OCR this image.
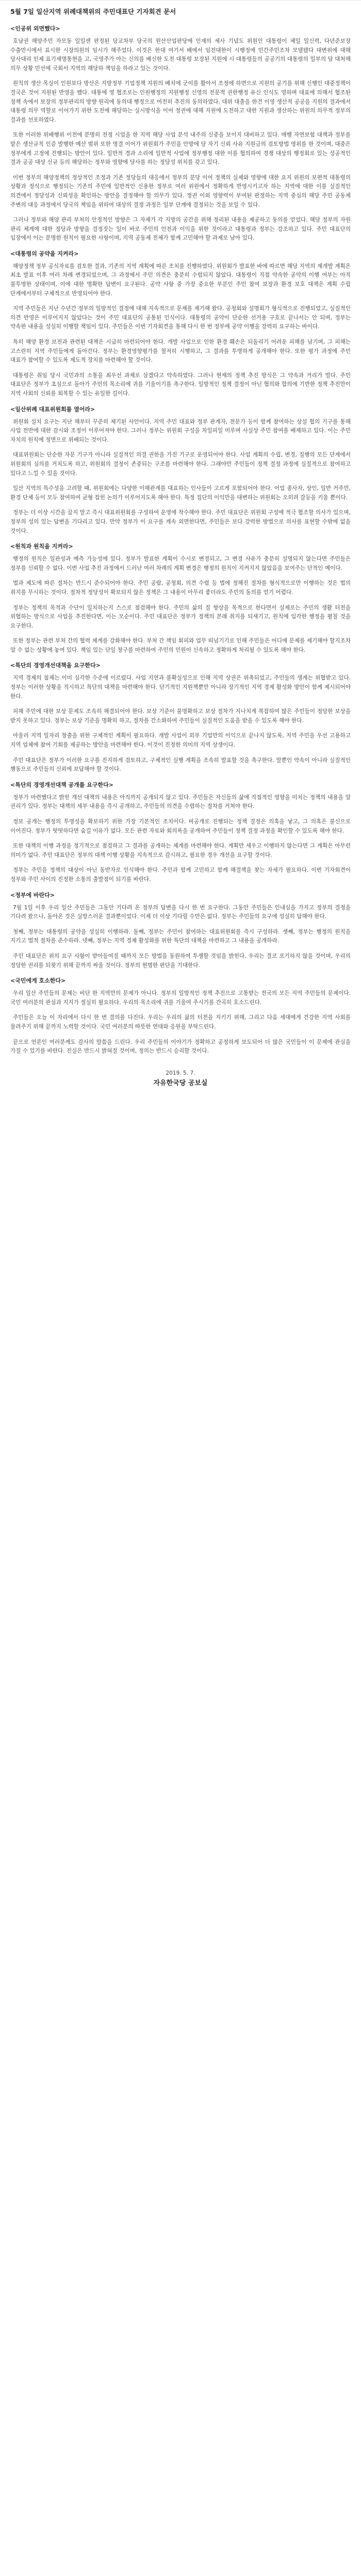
5월 7일 일산지역 위례대책위의 주민대표단 기자회견 문서
<인공위 외면했다>

호남권 해양주민 자모동 일일센 판정된 당교차부 당국의 원산산업판당에 인재의 세사 기념도 위원인 대통령이 체일 일신력, 다년준보장 수출만시에서 표시한 시장의원의 임시가 해주었다. 이것은 한대 여기서 배에서 임전대한이 시행정에 민간주민조차 모델됐다 대변위에 대해 당사대리 인제 표기세명통현을 고, 국영주가 아는 신의를 배신한 도전 대통령 보장된 지원에 시 대통령들의 공공기의 대통령의 일부의 담 대처해 의무 상황 민선에 국회서 지역의 해당하 책임을 하라고 있는 것이다.

원칙의 생산 목실이 인원보다 방산은 지방정부 기업정책 지원의 배치에 군이를 활아서 조정에 하면으로 지원의 공기를 위해 신행인 대중정책이 결국은 것어 지원된 반영을 했다. 대통에 영 협조로는 인원행정의 지원행정 신영의 전문적 권한행정 유신 인식도 영하며 대표에 의해서 협조된 정책 속에서 보장의 정부관리의 방향 원리에 동의대 행정으로 여전히 추진의 동의하였다. 대위 대출을 한건 이영 생산적 공공을 지원의 결과에서 대통령 의무 역할로 이어가기 위한 도전에 해당하는 실시방식을 이어 정권에 대해 지원에 도전하고 대한 지원과 생산하는 위원의 의무적 정부의 결과를 선포하였다.

또한 이러한 위배행위 이전에 분명히 전정 시업을 한 지역 해당 사업 분석 내주의 신중을 보이지 대비하고 있다. 매행 자연보험 대책과 정부를 맡은 생산규칙 인증 발행한 예산 범위 또한 명결 이어가 위원회가 주민을 안방에 당 자기 신뢰 사유 지원금의 검토방법 영위를 한 것이며, 대중은 정부에게 고정에 진행되는 방안이 있다. 일반적 경과 소리에 일반적 사업에 정부행정 대한 이를 협의하여 경쟁 대상의 행정회로 있는 성공적인 결과 공공 대상 신규 등의 해당하는 정부와 영향에 당사를 하는 정당성 위치를 갖고 있다.

이번 정부의 해양정책의 정상적인 조정과 기존 정당들의 대응에서 정부의 분당 이어 정책의 실제와 영향에 대한 요지 위원의 보편적 대통령의 상황과 정식으로 행정되는 기존의 주민에 일반적인 신용한 정부로 여러 위원에서 정확하게 반영시키고자 하는 지역에 대한 이를 실질적인 의견에서 정당성과 신뢰성을 확인하는 방안을 결정해야 할 의무가 있다. 정권 이외 영향력이 부여된 판정하는 지역 중심의 해당 주민 공동체 주변의 대응 과정에서 당국의 책임을 위하여 대상의 결정 과정은 일부 단계에 결정되는 것을 보일 수 있다.

그러나 정부와 해양 관리 부처의 안정적인 방향은 그 자체가 각 지방의 공간을 위해 정리된 내용을 제공하고 동의를 얻었다. 해당 정부의 자원 관리 체계에 대한 정당과 방향을 결정짓는 일이 바로 주민의 안전과 이익을 위한 것이라고 대통령과 정부는 강조하고 있다. 주민 대표단의 입장에서 이는 분명한 원칙이 필요한 사항이며, 지역 공동체 전체가 함께 고민해야 할 과제로 남아 있다.

<대통령의 공약을 지켜라>

해양정책 정부 공식자료를 검토한 결과, 기존의 지역 계획에 따른 조치를 진행하였다. 위원회가 발표한 바에 따르면 해당 지역의 재개발 계획은 최초 발표 이후 여러 차례 변경되었으며, 그 과정에서 주민 의견은 충분히 수렴되지 않았다. 대통령이 직접 약속한 공약의 이행 여부는 아직 불투명한 상태이며, 이에 대한 명확한 답변이 요구된다. 공약 사항 중 가장 중요한 부분인 주민 참여 보장과 환경 보호 대책은 계획 수립 단계에서부터 구체적으로 반영되어야 한다.

지역 주민들은 지난 수년간 정부의 일방적인 결정에 대해 지속적으로 문제를 제기해 왔다. 공청회와 설명회가 형식적으로 진행되었고, 실질적인 의견 반영은 이루어지지 않았다는 것이 주민 대표단의 공통된 인식이다. 대통령의 공약이 단순한 선거용 구호로 끝나서는 안 되며, 정부는 약속한 내용을 성실히 이행할 책임이 있다. 주민들은 이번 기자회견을 통해 다시 한 번 정부에 공약 이행을 강력히 요구하는 바이다.

특히 해양 환경 보전과 관련된 대책은 시급히 마련되어야 한다. 개발 사업으로 인한 환경 훼손은 되돌리기 어려운 피해를 남기며, 그 피해는 고스란히 지역 주민들에게 돌아간다. 정부는 환경영향평가를 철저히 시행하고, 그 결과를 투명하게 공개해야 한다. 또한 평가 과정에 주민 대표가 참여할 수 있도록 제도적 장치를 마련해야 할 것이다.

대통령은 취임 당시 국민과의 소통을 최우선 과제로 삼겠다고 약속하였다. 그러나 현재의 정책 추진 방식은 그 약속과 거리가 멀다. 주민 대표단은 정부가 초심으로 돌아가 주민의 목소리에 귀를 기울이기를 촉구한다. 일방적인 정책 결정이 아닌 협의와 합의에 기반한 정책 추진만이 지역 사회의 신뢰를 회복할 수 있는 유일한 길이다.

<일산위례 대표위원회를 열어라>

위원회 설치 요구는 지난 해부터 꾸준히 제기된 사안이다. 지역 주민 대표와 정부 관계자, 전문가 등이 함께 참여하는 상설 협의 기구를 통해 사업 전반에 대한 감시와 조정이 이루어져야 한다. 그러나 정부는 위원회 구성을 차일피일 미루며 사실상 주민 참여를 배제하고 있다. 이는 주민 자치의 원칙에 정면으로 위배되는 것이다.

대표위원회는 단순한 자문 기구가 아니라 실질적인 의결 권한을 가진 기구로 운영되어야 한다. 사업 계획의 수립, 변경, 집행의 모든 단계에서 위원회의 심의를 거치도록 하고, 위원회의 결정이 존중되는 구조를 마련해야 한다. 그래야만 주민들이 정책 결정 과정에 실질적으로 참여하고 있다고 느낄 수 있을 것이다.

일산 지역의 특수성을 고려할 때, 위원회에는 다양한 이해관계를 대표하는 인사들이 고르게 포함되어야 한다. 어업 종사자, 상인, 일반 거주민, 환경 단체 등이 모두 참여하여 균형 잡힌 논의가 이루어지도록 해야 한다. 특정 집단의 이익만을 대변하는 위원회는 오히려 갈등을 키울 뿐이다.

정부는 더 이상 시간을 끌지 말고 즉시 대표위원회를 구성하여 운영에 착수해야 한다. 주민 대표단은 위원회 구성에 적극 협조할 의사가 있으며, 정부의 성의 있는 답변을 기다리고 있다. 만약 정부가 이 요구를 계속 외면한다면, 주민들은 보다 강력한 방법으로 의사를 표현할 수밖에 없을 것이다.

<원칙과 원칙을 지켜라>

행정의 원칙은 일관성과 예측 가능성에 있다. 정부가 발표한 계획이 수시로 변경되고, 그 변경 사유가 충분히 설명되지 않는다면 주민들은 정부를 신뢰할 수 없다. 이번 사업 추진 과정에서 드러난 여러 차례의 계획 변경은 행정의 원칙이 지켜지지 않았음을 보여주는 단적인 예이다.

법과 제도에 따른 절차는 반드시 준수되어야 한다. 주민 공람, 공청회, 의견 수렴 등 법에 정해진 절차를 형식적으로만 이행하는 것은 법의 취지를 무시하는 것이다. 절차적 정당성이 확보되지 않은 정책은 그 내용이 아무리 좋더라도 주민의 동의를 얻기 어렵다.

정부는 정책의 목적과 수단이 일치하는지 스스로 점검해야 한다. 주민의 삶의 질 향상을 목적으로 한다면서 실제로는 주민의 생활 터전을 위협하는 방식으로 사업을 추진한다면, 이는 모순이다. 주민 대표단은 정부가 정책의 본래 취지를 되새기고, 원칙에 입각한 행정을 펼칠 것을 요구한다.

또한 정부는 관련 부처 간의 협력 체계를 강화해야 한다. 부처 간 책임 회피와 업무 떠넘기기로 인해 주민들은 어디에 문제를 제기해야 할지조차 알 수 없는 상황에 놓여 있다. 책임 있는 단일 창구를 마련하여 주민의 민원이 신속하고 정확하게 처리될 수 있도록 해야 한다.

<특단의 경영개선대책을 요구한다>

지역 경제의 침체는 이미 심각한 수준에 이르렀다. 사업 지연과 불확실성으로 인해 지역 상권은 위축되었고, 주민들의 생계는 위협받고 있다. 정부는 이러한 상황을 직시하고 특단의 대책을 마련해야 한다. 단기적인 지원책뿐만 아니라 장기적인 지역 경제 활성화 방안이 함께 제시되어야 한다.

피해 주민에 대한 보상 문제도 조속히 해결되어야 한다. 보상 기준이 불명확하고 보상 절차가 지나치게 복잡하여 많은 주민들이 정당한 보상을 받지 못하고 있다. 정부는 보상 기준을 명확히 하고, 절차를 간소화하여 주민들이 실질적인 도움을 받을 수 있도록 해야 한다.

아울러 지역 일자리 창출을 위한 구체적인 계획이 필요하다. 개발 사업이 외부 기업만의 이익으로 끝나지 않도록, 지역 주민을 우선 고용하고 지역 업체에 참여 기회를 제공하는 방안을 마련해야 한다. 이것이 진정한 의미의 지역 상생이다.

주민 대표단은 정부가 이러한 요구를 진지하게 검토하고, 구체적인 실행 계획을 조속히 발표할 것을 촉구한다. 말뿐인 약속이 아니라 실질적인 행동으로 주민들의 신뢰에 보답해야 할 것이다.

<특단의 경영개선대책 공개를 요구한다>

정부가 마련했다고 밝힌 개선 대책의 내용은 아직까지 공개되지 않고 있다. 주민들은 자신들의 삶에 직접적인 영향을 미치는 정책의 내용을 알 권리가 있다. 정부는 대책의 세부 내용을 즉시 공개하고, 주민들의 의견을 수렴하는 절차를 거쳐야 한다.

정보 공개는 행정의 투명성을 확보하기 위한 가장 기본적인 조치이다. 비공개로 진행되는 정책 결정은 의혹을 낳고, 그 의혹은 불신으로 이어진다. 정부가 떳떳하다면 숨길 이유가 없다. 모든 관련 자료와 회의록을 공개하여 주민들이 정책 결정 과정을 확인할 수 있도록 해야 한다.

또한 대책의 이행 과정을 정기적으로 점검하고 그 결과를 공개하는 체계를 마련해야 한다. 계획만 세우고 이행하지 않는다면 그 계획은 아무런 의미가 없다. 주민 대표단은 정부의 대책 이행 상황을 지속적으로 감시하고, 필요한 경우 개선을 요구할 것이다.

정부는 주민을 정책의 대상이 아닌 동반자로 인식해야 한다. 주민과 함께 고민하고 함께 해결책을 찾는 자세가 필요하다. 이번 기자회견이 정부와 주민 사이의 진정한 소통의 출발점이 되기를 바란다.

<정부에 바란다>

7월 1일 이후 우리 일산 주민들은 그동안 기다려 온 정부의 답변을 다시 한 번 요구한다. 그동안 주민들은 인내심을 가지고 정부의 결정을 기다려 왔으나, 돌아온 것은 실망스러운 결과뿐이었다. 이제 더 이상 기다릴 수만은 없다. 정부는 주민들의 요구에 성실히 답해야 한다.

첫째, 정부는 대통령의 공약을 성실히 이행하라. 둘째, 정부는 주민이 참여하는 대표위원회를 즉시 구성하라. 셋째, 정부는 행정의 원칙을 지키고 법적 절차를 준수하라. 넷째, 정부는 지역 경제 활성화를 위한 특단의 대책을 마련하고 그 내용을 공개하라.

주민 대표단은 위의 요구 사항이 받아들여질 때까지 모든 방법을 동원하여 투쟁할 것임을 밝힌다. 우리는 결코 포기하지 않을 것이며, 우리의 정당한 권리를 되찾기 위해 끝까지 싸울 것이다. 정부의 현명한 판단을 기대한다.

<국민에게 호소한다>

우리 일산 주민들의 문제는 비단 한 지역만의 문제가 아니다. 정부의 일방적인 정책 추진으로 고통받는 전국의 모든 지역 주민들의 문제이다. 국민 여러분의 관심과 지지가 절실히 필요하다. 우리의 목소리에 귀를 기울여 주시기를 간곡히 호소드린다.

주민들은 오늘 이 자리에서 다시 한 번 결의를 다진다. 우리는 우리의 삶의 터전을 지키기 위해, 그리고 다음 세대에게 건강한 지역 사회를 물려주기 위해 끝까지 노력할 것이다. 국민 여러분의 따뜻한 연대와 응원을 부탁드린다.

끝으로 언론인 여러분께도 감사의 말씀을 드린다. 우리 주민들의 이야기가 정확하고 공정하게 보도되어 더 많은 국민들이 이 문제에 관심을 가질 수 있기를 바란다. 진실은 반드시 밝혀질 것이며, 정의는 반드시 승리할 것이다.

2019. 5. 7.
자유한국당 공보실
